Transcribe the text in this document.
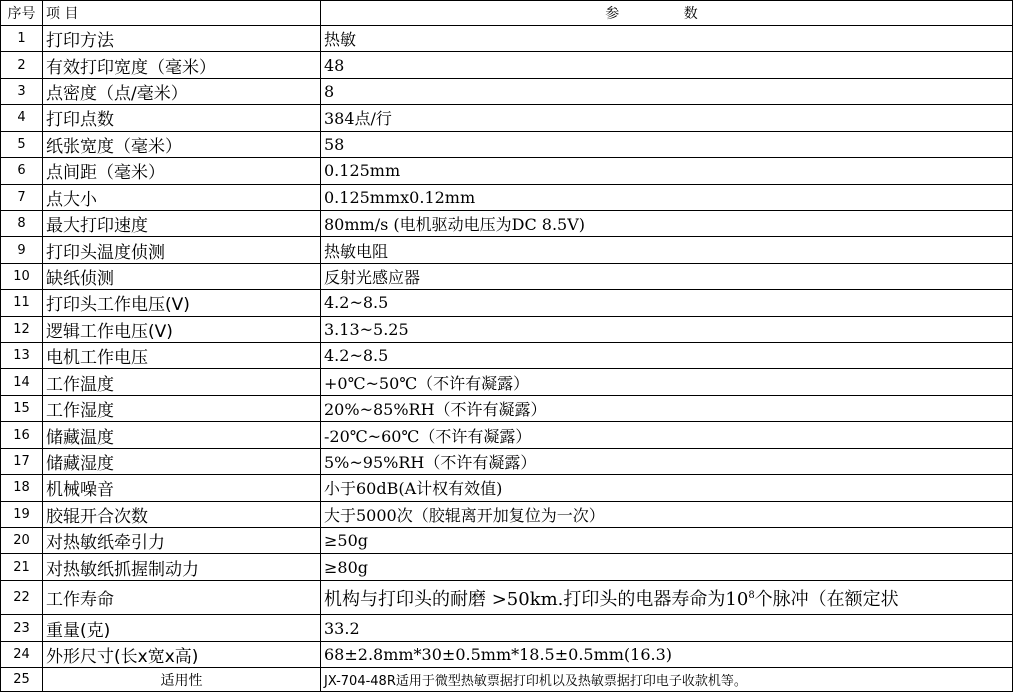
序号	项 目	参 数
1	打印方法	热敏
2	有效打印宽度（毫米）	48
3	点密度（点/毫米）	8
4	打印点数	384点/行
5	纸张宽度（毫米）	58
6	点间距（毫米）	0.125mm
7	点大小	0.125mmx0.12mm
8	最大打印速度	80mm/s (电机驱动电压为DC 8.5V)
9	打印头温度侦测	热敏电阻
10	缺纸侦测	反射光感应器
11	打印头工作电压(V)	4.2~8.5
12	逻辑工作电压(V)	3.13~5.25
13	电机工作电压	4.2~8.5
14	工作温度	+0℃~50℃（不许有凝露）
15	工作湿度	20%~85%RH（不许有凝露）
16	储藏温度	-20℃~60℃（不许有凝露）
17	储藏湿度	5%~95%RH（不许有凝露）
18	机械噪音	小于60dB(A计权有效值)
19	胶辊开合次数	大于5000次（胶辊离开加复位为一次）
20	对热敏纸牵引力	≥50g
21	对热敏纸抓握制动力	≥80g
22	工作寿命	机构与打印头的耐磨 >50km.打印头的电器寿命为$10^8$个脉冲（在额定状
23	重量(克)	33.2
24	外形尺寸(长x宽x高)	68±2.8mm*30±0.5mm*18.5±0.5mm(16.3)
25	适用性	JX-704-48R适用于微型热敏票据打印机以及热敏票据打印电子收款机等。
